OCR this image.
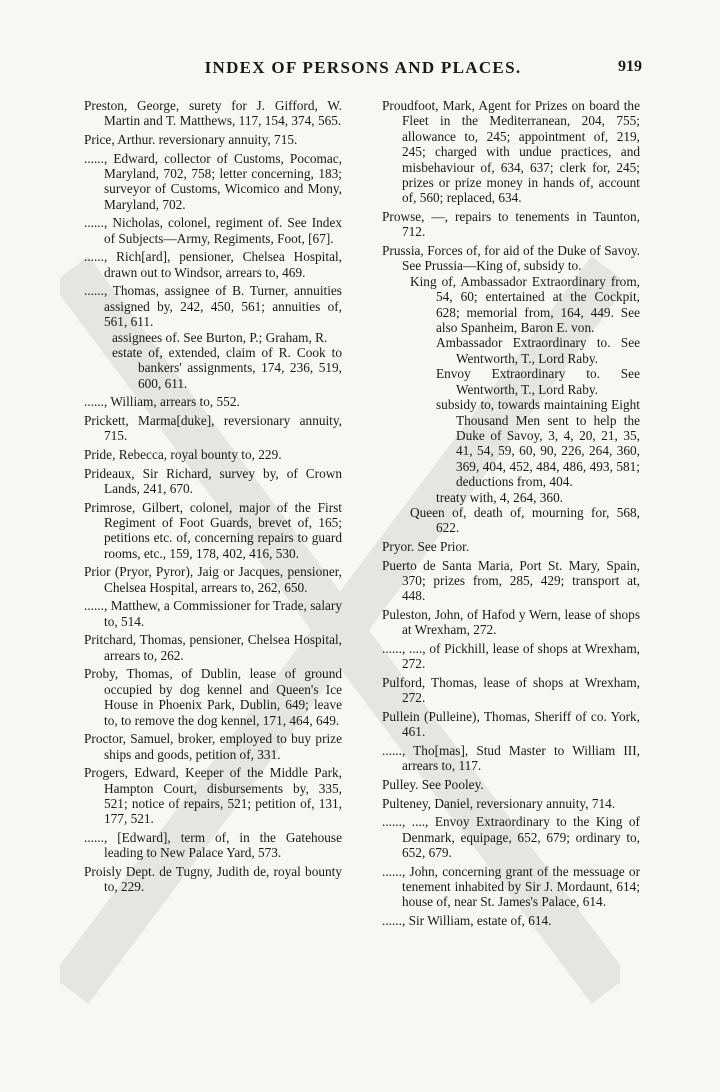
INDEX OF PERSONS AND PLACES.	919

Preston, George, surety for J. Gifford, W. Martin and T. Matthews, 117, 154, 374, 565.

Price, Arthur. reversionary annuity, 715.

......, Edward, collector of Customs, Pocomac, Maryland, 702, 758; letter concerning, 183; surveyor of Customs, Wicomico and Mony, Maryland, 702.

......, Nicholas, colonel, regiment of. See Index of Subjects—Army, Regiments, Foot, [67].

......, Rich[ard], pensioner, Chelsea Hospital, drawn out to Windsor, arrears to, 469.

......, Thomas, assignee of B. Turner, annuities assigned by, 242, 450, 561; annuities of, 561, 611.

assignees of. See Burton, P.; Graham, R.

estate of, extended, claim of R. Cook to bankers' assignments, 174, 236, 519, 600, 611.

......, William, arrears to, 552.

Prickett, Marma[duke], reversionary annuity, 715.

Pride, Rebecca, royal bounty to, 229.

Prideaux, Sir Richard, survey by, of Crown Lands, 241, 670.

Primrose, Gilbert, colonel, major of the First Regiment of Foot Guards, brevet of, 165; petitions etc. of, concerning repairs to guard rooms, etc., 159, 178, 402, 416, 530.

Prior (Pryor, Pyror), Jaig or Jacques, pensioner, Chelsea Hospital, arrears to, 262, 650.

......, Matthew, a Commissioner for Trade, salary to, 514.

Pritchard, Thomas, pensioner, Chelsea Hospital, arrears to, 262.

Proby, Thomas, of Dublin, lease of ground occupied by dog kennel and Queen's Ice House in Phoenix Park, Dublin, 649; leave to, to remove the dog kennel, 171, 464, 649.

Proctor, Samuel, broker, employed to buy prize ships and goods, petition of, 331.

Progers, Edward, Keeper of the Middle Park, Hampton Court, disbursements by, 335, 521; notice of repairs, 521; petition of, 131, 177, 521.

......, [Edward], term of, in the Gatehouse leading to New Palace Yard, 573.

Proisly Dept. de Tugny, Judith de, royal bounty to, 229.

Proudfoot, Mark, Agent for Prizes on board the Fleet in the Mediterranean, 204, 755; allowance to, 245; appointment of, 219, 245; charged with undue practices, and misbehaviour of, 634, 637; clerk for, 245; prizes or prize money in hands of, account of, 560; replaced, 634.

Prowse, —, repairs to tenements in Taunton, 712.

Prussia, Forces of, for aid of the Duke of Savoy. See Prussia—King of, subsidy to.

King of, Ambassador Extraordinary from, 54, 60; entertained at the Cockpit, 628; memorial from, 164, 449. See also Spanheim, Baron E. von.

Ambassador Extraordinary to. See Wentworth, T., Lord Raby.

Envoy Extraordinary to. See Wentworth, T., Lord Raby.

subsidy to, towards maintaining Eight Thousand Men sent to help the Duke of Savoy, 3, 4, 20, 21, 35, 41, 54, 59, 60, 90, 226, 264, 360, 369, 404, 452, 484, 486, 493, 581; deductions from, 404.

treaty with, 4, 264, 360.

Queen of, death of, mourning for, 568, 622.

Pryor. See Prior.

Puerto de Santa Maria, Port St. Mary, Spain, 370; prizes from, 285, 429; transport at, 448.

Puleston, John, of Hafod y Wern, lease of shops at Wrexham, 272.

......, ...., of Pickhill, lease of shops at Wrexham, 272.

Pulford, Thomas, lease of shops at Wrexham, 272.

Pullein (Pulleine), Thomas, Sheriff of co. York, 461.

......, Tho[mas], Stud Master to William III, arrears to, 117.

Pulley. See Pooley.

Pulteney, Daniel, reversionary annuity, 714.

......, ...., Envoy Extraordinary to the King of Denmark, equipage, 652, 679; ordinary to, 652, 679.

......, John, concerning grant of the messuage or tenement inhabited by Sir J. Mordaunt, 614; house of, near St. James's Palace, 614.

......, Sir William, estate of, 614.
